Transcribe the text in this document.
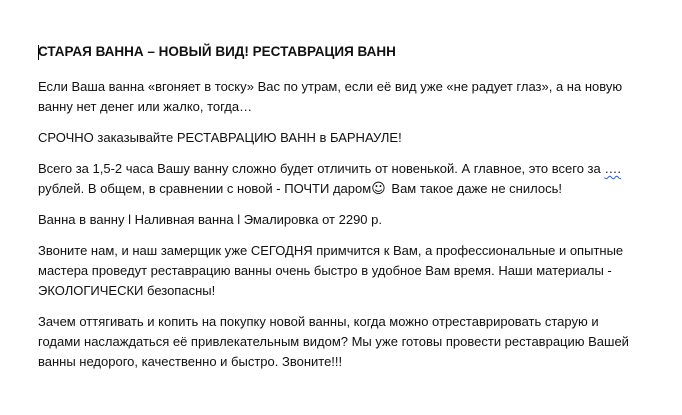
СТАРАЯ ВАННА – НОВЫЙ ВИД! РЕСТАВРАЦИЯ ВАНН
Если Ваша ванна «вгоняет в тоску» Вас по утрам, если её вид уже «не радует глаз», а на новую
ванну нет денег или жалко, тогда…
СРОЧНО заказывайте РЕСТАВРАЦИЮ ВАНН в БАРНАУЛЕ!
Всего за 1,5-2 часа Вашу ванну сложно будет отличить от новенькой. А главное, это всего за ….
рублей. В общем, в сравнении с новой - ПОЧТИ даром☺ Вам такое даже не снилось!
Ванна в ванну l Наливная ванна l Эмалировка от 2290 р.
Звоните нам, и наш замерщик уже СЕГОДНЯ примчится к Вам, а профессиональные и опытные
мастера проведут реставрацию ванны очень быстро в удобное Вам время. Наши материалы -
ЭКОЛОГИЧЕСКИ безопасны!
Зачем оттягивать и копить на покупку новой ванны, когда можно отреставрировать старую и
годами наслаждаться её привлекательным видом? Мы уже готовы провести реставрацию Вашей
ванны недорого, качественно и быстро. Звоните!!!
